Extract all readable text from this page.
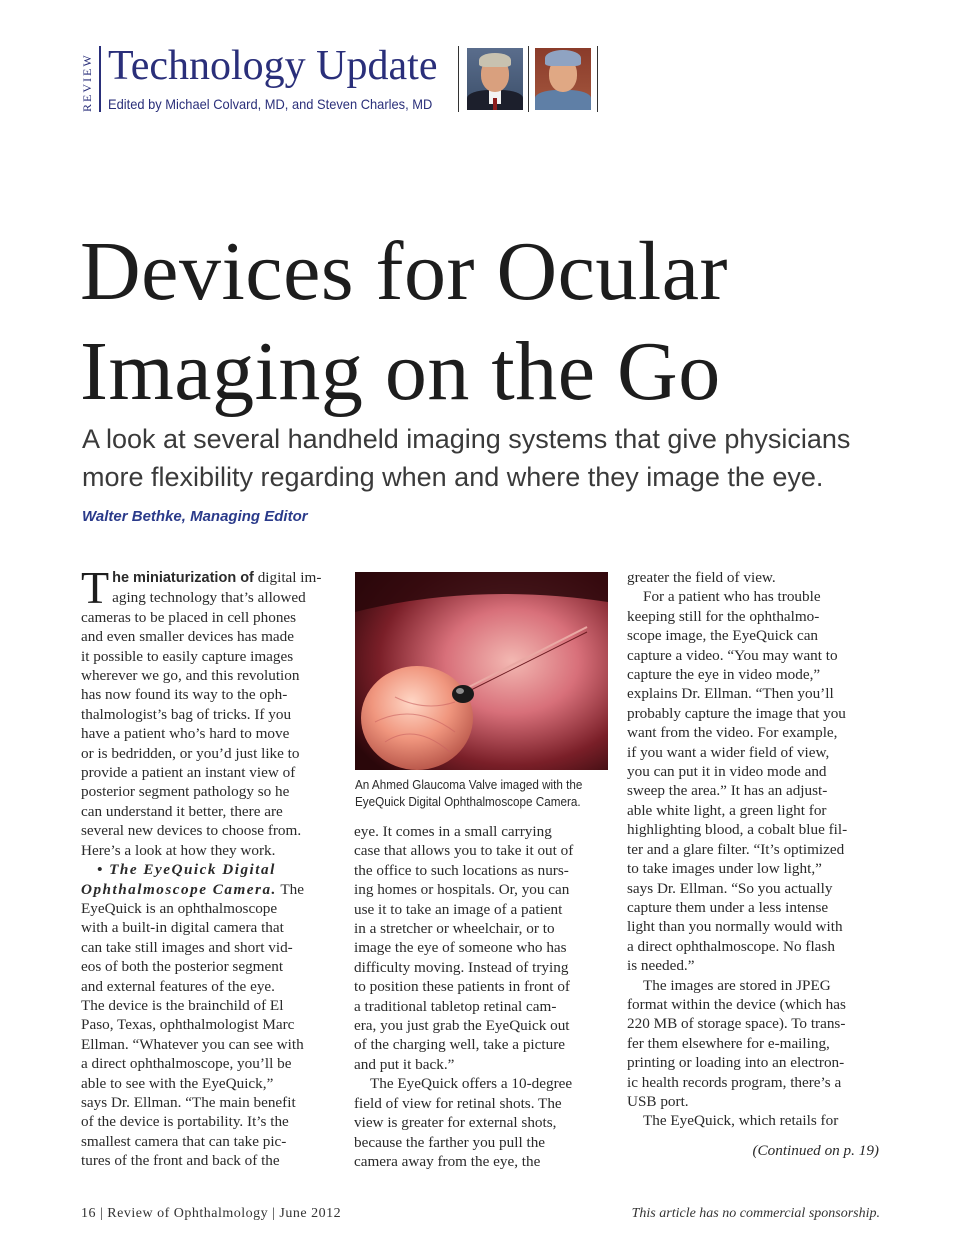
REVIEW Technology Update
Edited by Michael Colvard, MD, and Steven Charles, MD
Devices for Ocular
Imaging on the Go
A look at several handheld imaging systems that give physicians
more flexibility regarding when and where they image the eye.
Walter Bethke, Managing Editor
T he miniaturization of digital im-
aging technology that’s allowed
cameras to be placed in cell phones
and even smaller devices has made
it possible to easily capture images
wherever we go, and this revolution
has now found its way to the oph-
thalmologist’s bag of tricks. If you
have a patient who’s hard to move
or is bedridden, or you’d just like to
provide a patient an instant view of
posterior segment pathology so he
can understand it better, there are
several new devices to choose from.
Here’s a look at how they work.
• The EyeQuick Digital
Ophthalmoscope Camera. The
EyeQuick is an ophthalmoscope
with a built-in digital camera that
can take still images and short vid-
eos of both the posterior segment
and external features of the eye.
The device is the brainchild of El
Paso, Texas, ophthalmologist Marc
Ellman. “Whatever you can see with
a direct ophthalmoscope, you’ll be
able to see with the EyeQuick,”
says Dr. Ellman. “The main benefit
of the device is portability. It’s the
smallest camera that can take pic-
tures of the front and back of the
An Ahmed Glaucoma Valve imaged with the
EyeQuick Digital Ophthalmoscope Camera.
eye. It comes in a small carrying
case that allows you to take it out of
the office to such locations as nurs-
ing homes or hospitals. Or, you can
use it to take an image of a patient
in a stretcher or wheelchair, or to
image the eye of someone who has
difficulty moving. Instead of trying
to position these patients in front of
a traditional tabletop retinal cam-
era, you just grab the EyeQuick out
of the charging well, take a picture
and put it back.”
The EyeQuick offers a 10-degree
field of view for retinal shots. The
view is greater for external shots,
because the farther you pull the
camera away from the eye, the
greater the field of view.
For a patient who has trouble
keeping still for the ophthalmo-
scope image, the EyeQuick can
capture a video. “You may want to
capture the eye in video mode,”
explains Dr. Ellman. “Then you’ll
probably capture the image that you
want from the video. For example,
if you want a wider field of view,
you can put it in video mode and
sweep the area.” It has an adjust-
able white light, a green light for
highlighting blood, a cobalt blue fil-
ter and a glare filter. “It’s optimized
to take images under low light,”
says Dr. Ellman. “So you actually
capture them under a less intense
light than you normally would with
a direct ophthalmoscope. No flash
is needed.”
The images are stored in JPEG
format within the device (which has
220 MB of storage space). To trans-
fer them elsewhere for e-mailing,
printing or loading into an electron-
ic health records program, there’s a
USB port.
The EyeQuick, which retails for
(Continued on p. 19)
16 | Review of Ophthalmology | June 2012	This article has no commercial sponsorship.
